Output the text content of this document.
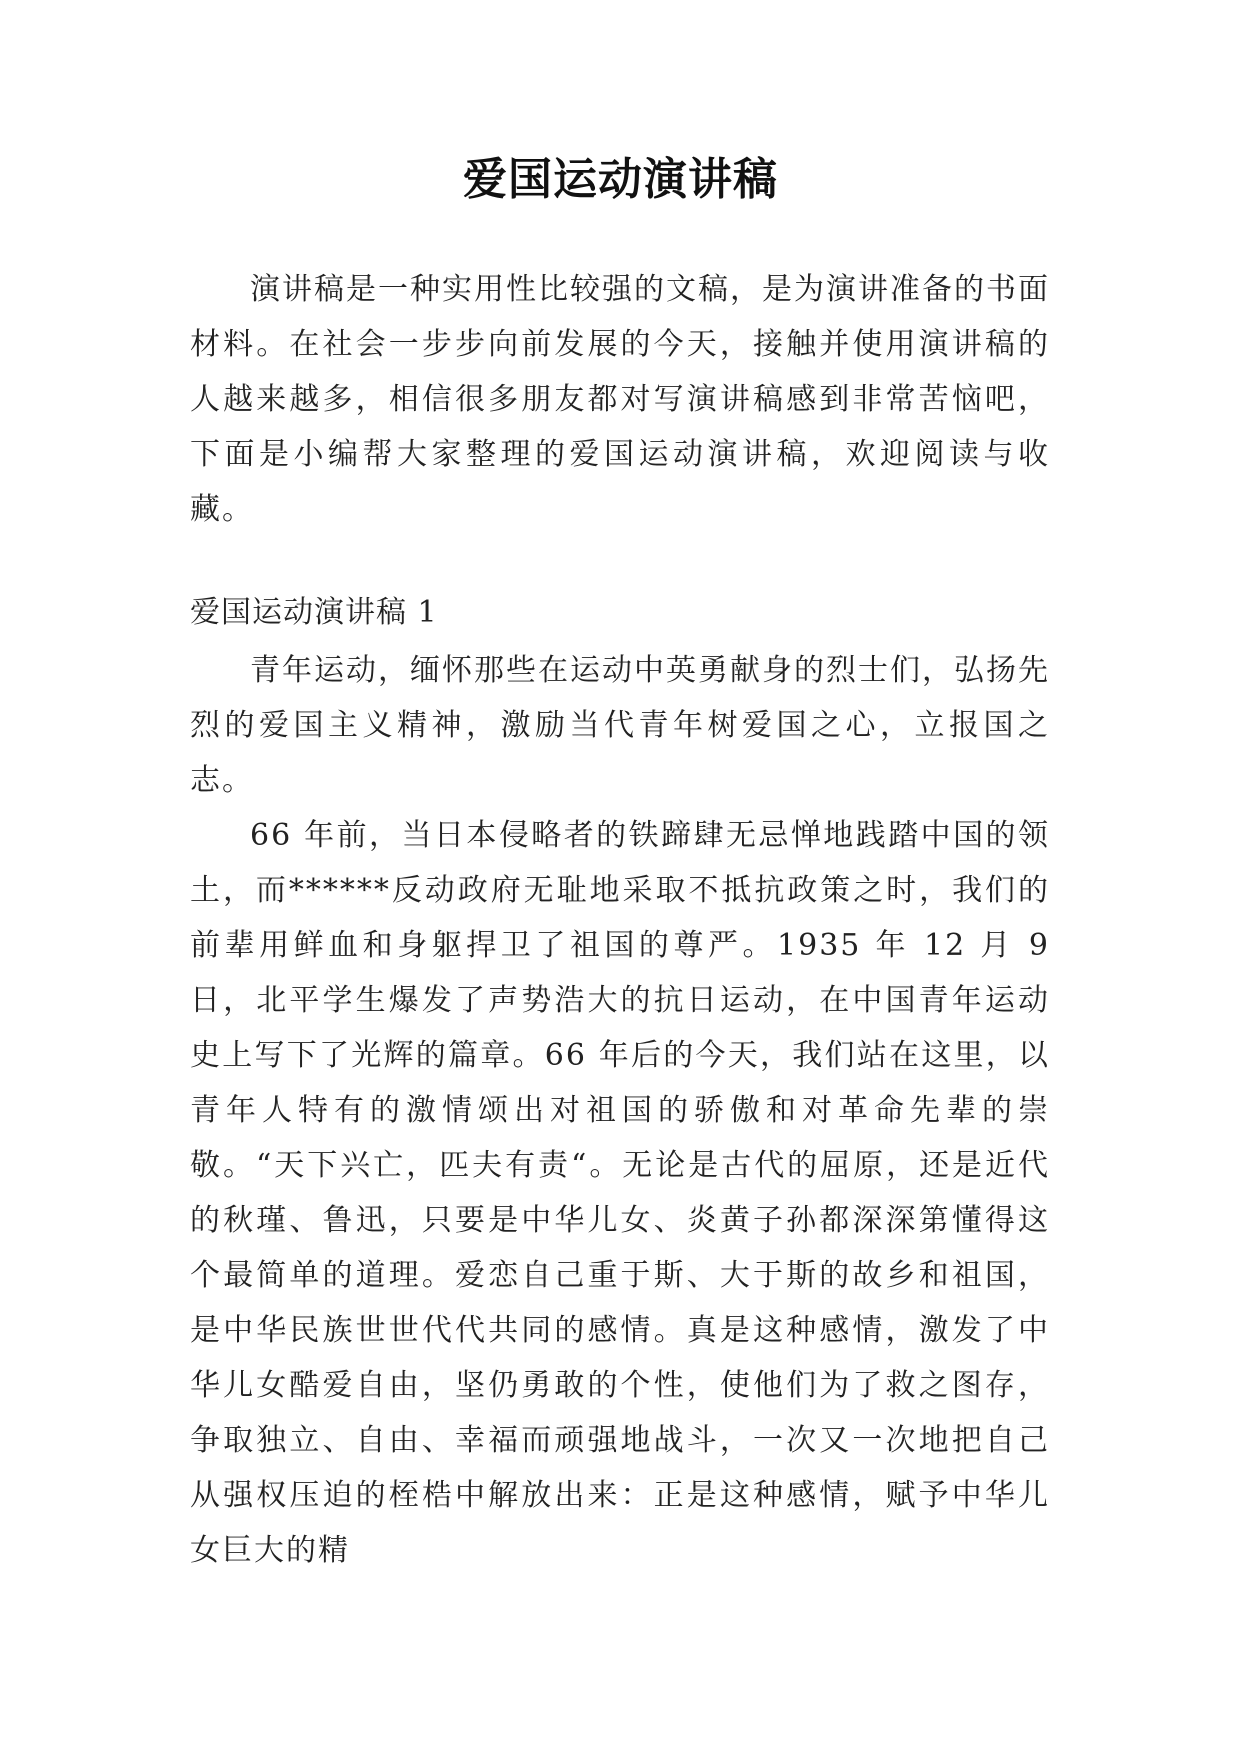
爱国运动演讲稿

演讲稿是一种实用性比较强的文稿，是为演讲准备的书面材料。在社会一步步向前发展的今天，接触并使用演讲稿的人越来越多，相信很多朋友都对写演讲稿感到非常苦恼吧，下面是小编帮大家整理的爱国运动演讲稿，欢迎阅读与收藏。

爱国运动演讲稿 1

青年运动，缅怀那些在运动中英勇献身的烈士们，弘扬先烈的爱国主义精神，激励当代青年树爱国之心，立报国之志。

66 年前，当日本侵略者的铁蹄肆无忌惮地践踏中国的领土，而******反动政府无耻地采取不抵抗政策之时，我们的前辈用鲜血和身躯捍卫了祖国的尊严。1935 年 12 月 9 日，北平学生爆发了声势浩大的抗日运动，在中国青年运动史上写下了光辉的篇章。66 年后的今天，我们站在这里，以青年人特有的激情颂出对祖国的骄傲和对革命先辈的崇敬。“天下兴亡，匹夫有责“。无论是古代的屈原，还是近代的秋瑾、鲁迅，只要是中华儿女、炎黄子孙都深深第懂得这个最简单的道理。爱恋自己重于斯、大于斯的故乡和祖国，是中华民族世世代代共同的感情。真是这种感情，激发了中华儿女酷爱自由，坚仍勇敢的个性，使他们为了救之图存，争取独立、自由、幸福而顽强地战斗，一次又一次地把自己从强权压迫的桎梏中解放出来：正是这种感情，赋予中华儿女巨大的精
